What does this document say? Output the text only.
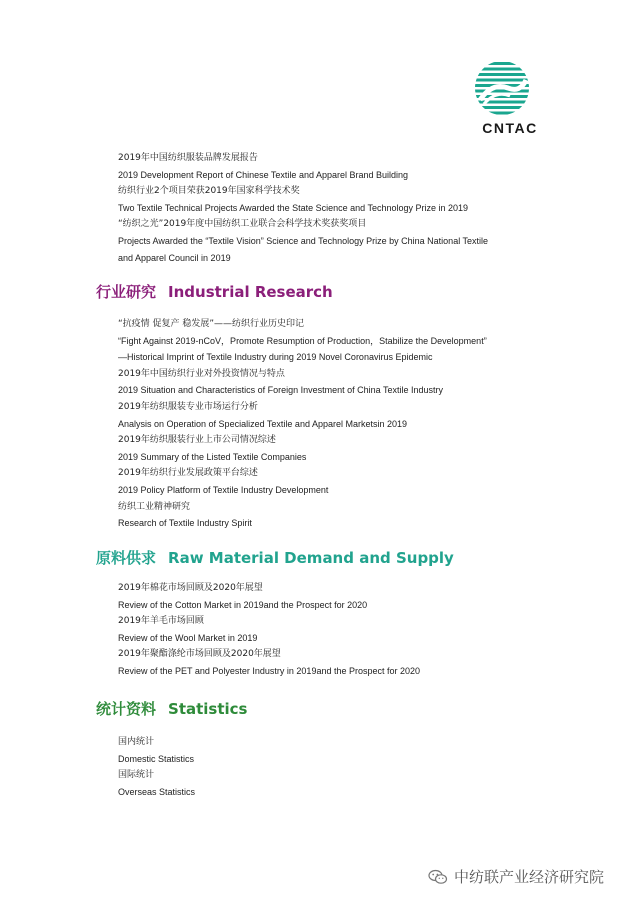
CNTAC
2019年中国纺织服装品牌发展报告
2019 Development Report of Chinese Textile and Apparel Brand Building
纺织行业2个项目荣获2019年国家科学技术奖
Two Textile Technical Projects Awarded the State Science and Technology Prize in 2019
“纺织之光”2019年度中国纺织工业联合会科学技术奖获奖项目
Projects Awarded the “Textile Vision” Science and Technology Prize by China National Textile
and Apparel Council in 2019
行业研究 Industrial Research
“抗疫情 促复产 稳发展”——纺织行业历史印记
“Fight Against 2019-nCoV，Promote Resumption of Production，Stabilize the Development”
—Historical Imprint of Textile Industry during 2019 Novel Coronavirus Epidemic
2019年中国纺织行业对外投资情况与特点
2019 Situation and Characteristics of Foreign Investment of China Textile Industry
2019年纺织服装专业市场运行分析
Analysis on Operation of Specialized Textile and Apparel Marketsin 2019
2019年纺织服装行业上市公司情况综述
2019 Summary of the Listed Textile Companies
2019年纺织行业发展政策平台综述
2019 Policy Platform of Textile Industry Development
纺织工业精神研究
Research of Textile Industry Spirit
原料供求 Raw Material Demand and Supply
2019年棉花市场回顾及2020年展望
Review of the Cotton Market in 2019and the Prospect for 2020
2019年羊毛市场回顾
Review of the Wool Market in 2019
2019年聚酯涤纶市场回顾及2020年展望
Review of the PET and Polyester Industry in 2019and the Prospect for 2020
统计资料 Statistics
国内统计
Domestic Statistics
国际统计
Overseas Statistics
中纺联产业经济研究院
